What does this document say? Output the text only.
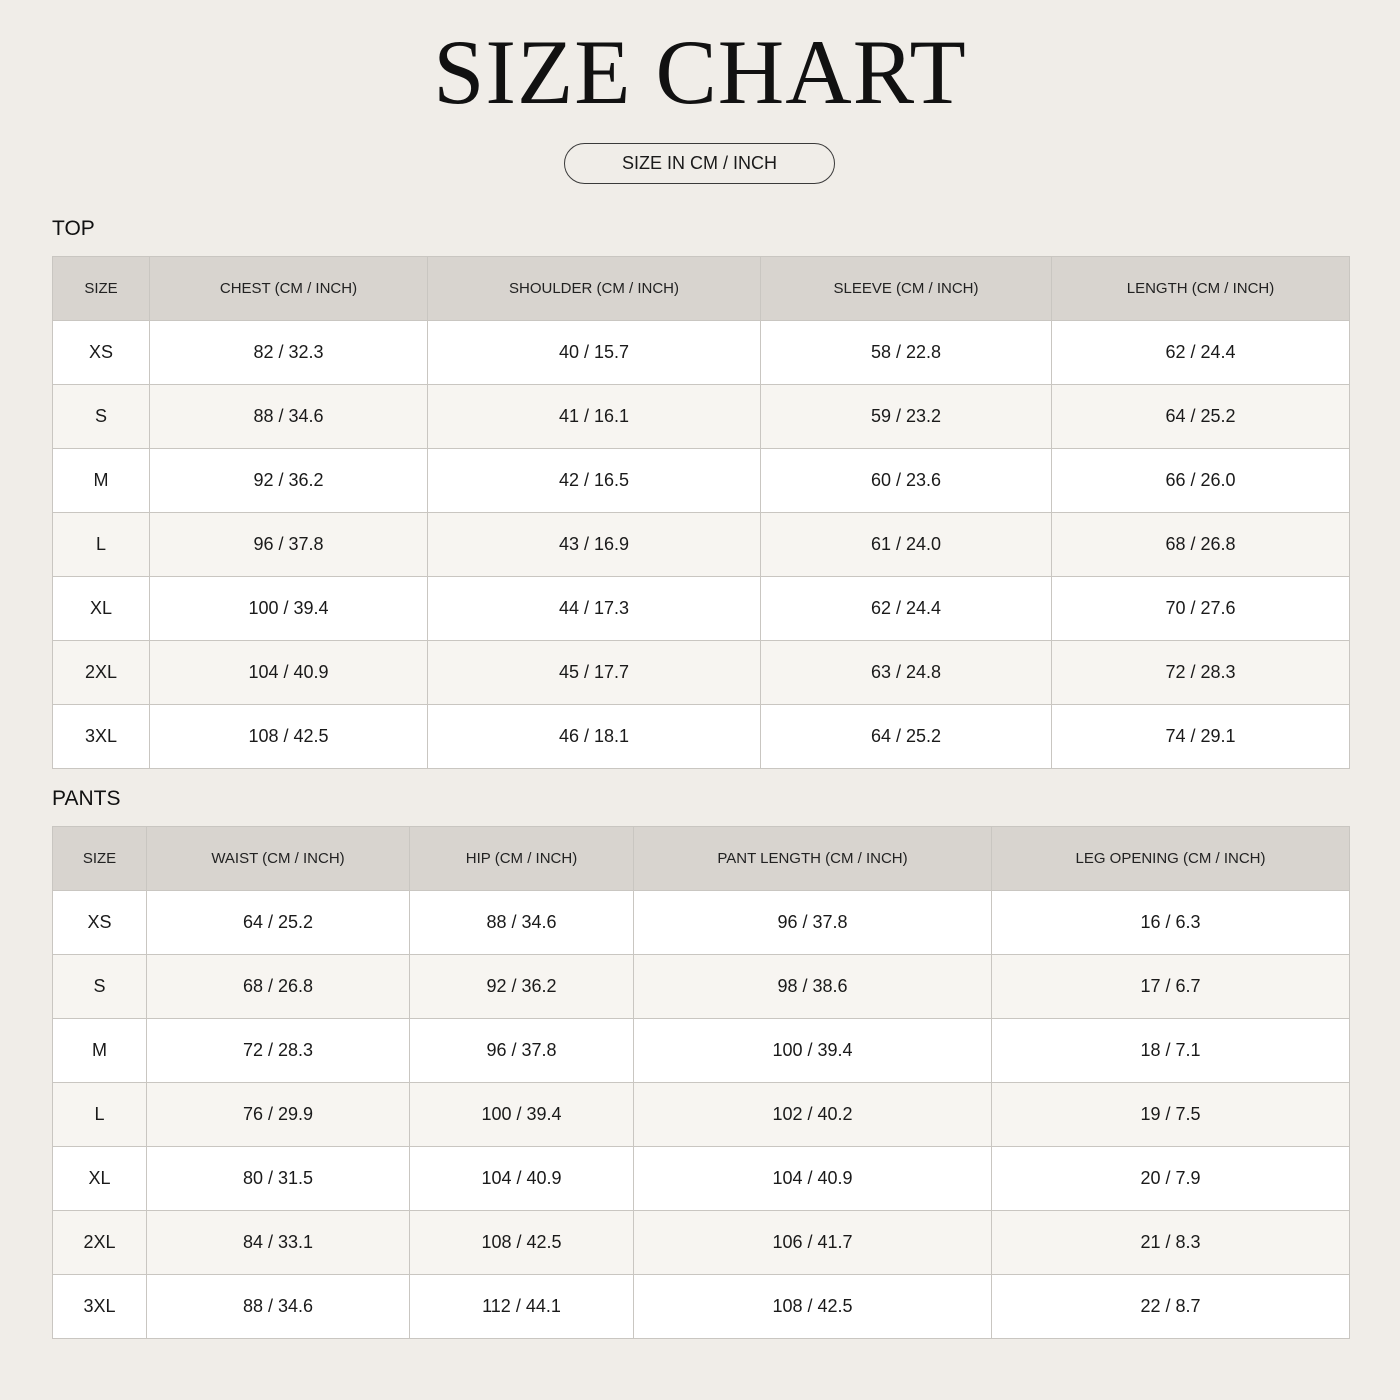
SIZE CHART
SIZE IN CM / INCH
TOP
SIZE	CHEST (CM / INCH)	SHOULDER (CM / INCH)	SLEEVE (CM / INCH)	LENGTH (CM / INCH)
XS	82 / 32.3	40 / 15.7	58 / 22.8	62 / 24.4
S	88 / 34.6	41 / 16.1	59 / 23.2	64 / 25.2
M	92 / 36.2	42 / 16.5	60 / 23.6	66 / 26.0
L	96 / 37.8	43 / 16.9	61 / 24.0	68 / 26.8
XL	100 / 39.4	44 / 17.3	62 / 24.4	70 / 27.6
2XL	104 / 40.9	45 / 17.7	63 / 24.8	72 / 28.3
3XL	108 / 42.5	46 / 18.1	64 / 25.2	74 / 29.1
PANTS
SIZE	WAIST (CM / INCH)	HIP (CM / INCH)	PANT LENGTH (CM / INCH)	LEG OPENING (CM / INCH)
XS	64 / 25.2	88 / 34.6	96 / 37.8	16 / 6.3
S	68 / 26.8	92 / 36.2	98 / 38.6	17 / 6.7
M	72 / 28.3	96 / 37.8	100 / 39.4	18 / 7.1
L	76 / 29.9	100 / 39.4	102 / 40.2	19 / 7.5
XL	80 / 31.5	104 / 40.9	104 / 40.9	20 / 7.9
2XL	84 / 33.1	108 / 42.5	106 / 41.7	21 / 8.3
3XL	88 / 34.6	112 / 44.1	108 / 42.5	22 / 8.7
